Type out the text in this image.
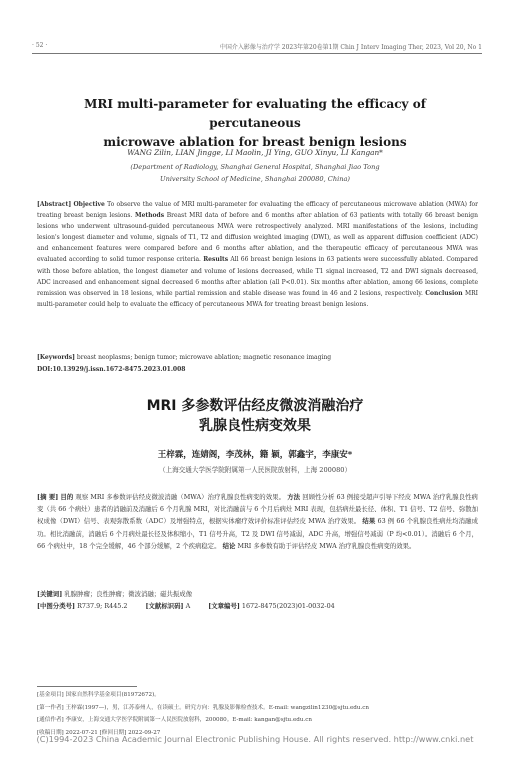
· 52 ·	中国介入影像与治疗学 2023年第20卷第1期 Chin J Interv Imaging Ther, 2023, Vol 20, No 1
MRI multi-parameter for evaluating the efficacy of percutaneous
microwave ablation for breast benign lesions
WANG Zilin, LIAN Jingge, LI Maolin, JI Ying, GUO Xinyu, LI Kangan*
(Department of Radiology, Shanghai General Hospital, Shanghai Jiao Tong
University School of Medicine, Shanghai 200080, China)
[Abstract] Objective To observe the value of MRI multi-parameter for evaluating the efficacy of percutaneous microwave ablation (MWA) for treating breast benign lesions. Methods Breast MRI data of before and 6 months after ablation of 63 patients with totally 66 breast benign lesions who underwent ultrasound-guided percutaneous MWA were retrospectively analyzed. MRI manifestations of the lesions, including lesion's longest diameter and volume, signals of T1, T2 and diffusion weighted imaging (DWI), as well as apparent diffusion coefficient (ADC) and enhancement features were compared before and 6 months after ablation, and the therapeutic efficacy of percutaneous MWA was evaluated according to solid tumor response criteria. Results All 66 breast benign lesions in 63 patients were successfully ablated. Compared with those before ablation, the longest diameter and volume of lesions decreased, while T1 signal increased, T2 and DWI signals decreased, ADC increased and enhancement signal decreased 6 months after ablation (all P<0.01). Six months after ablation, among 66 lesions, complete remission was observed in 18 lesions, while partial remission and stable disease was found in 46 and 2 lesions, respectively. Conclusion MRI multi-parameter could help to evaluate the efficacy of percutaneous MWA for treating breast benign lesions.
[Keywords] breast neoplasms; benign tumor; microwave ablation; magnetic resonance imaging
DOI:10.13929/j.issn.1672-8475.2023.01.008
MRI 多参数评估经皮微波消融治疗
乳腺良性病变效果
王梓霖，连婧阁，李茂林，籍 颖，郭鑫宇，李康安*
（上海交通大学医学院附属第一人民医院放射科，上海 200080）
[摘 要] 目的 观察 MRI 多参数评估经皮微波消融（MWA）治疗乳腺良性病变的效果。 方法 回顾性分析 63 例接受超声引导下经皮 MWA 治疗乳腺良性病变（共 66 个病灶）患者的消融前及消融后 6 个月乳腺 MRI，对比消融前与 6 个月后病灶 MRI 表现，包括病灶最长径、体积、T1 信号、T2 信号、弥散加权成像（DWI）信号、表观弥散系数（ADC）及增强特点，根据实体瘤疗效评价标准评估经皮 MWA 治疗效果。 结果 63 例 66 个乳腺良性病灶均消融成功。相比消融前，消融后 6 个月病灶最长径及体积缩小，T1 信号升高，T2 及 DWI 信号减弱，ADC 升高，增强信号减弱（P 均<0.01）。消融后 6 个月，66 个病灶中，18 个完全缓解，46 个部分缓解，2 个疾病稳定。 结论 MRI 多参数有助于评估经皮 MWA 治疗乳腺良性病变的效果。
[关键词] 乳腺肿瘤；良性肿瘤；微波消融；磁共振成像
[中图分类号] R737.9; R445.2	[文献标识码] A	[文章编号] 1672-8475(2023)01-0032-04
[基金项目] 国家自然科学基金项目(81972672)。
[第一作者] 王梓霖(1997—)，男，江苏泰州人，在读硕士。研究方向：乳腺及影像检查技术。E-mail: wangzilin1230@sjtu.edu.cn
[通信作者] 李康安，上海交通大学医学院附属第一人民医院放射科，200080。E-mail: kangan@sjtu.edu.cn
[收稿日期] 2022-07-21 [修回日期] 2022-09-27
(C)1994-2023 China Academic Journal Electronic Publishing House. All rights reserved. http://www.cnki.net
